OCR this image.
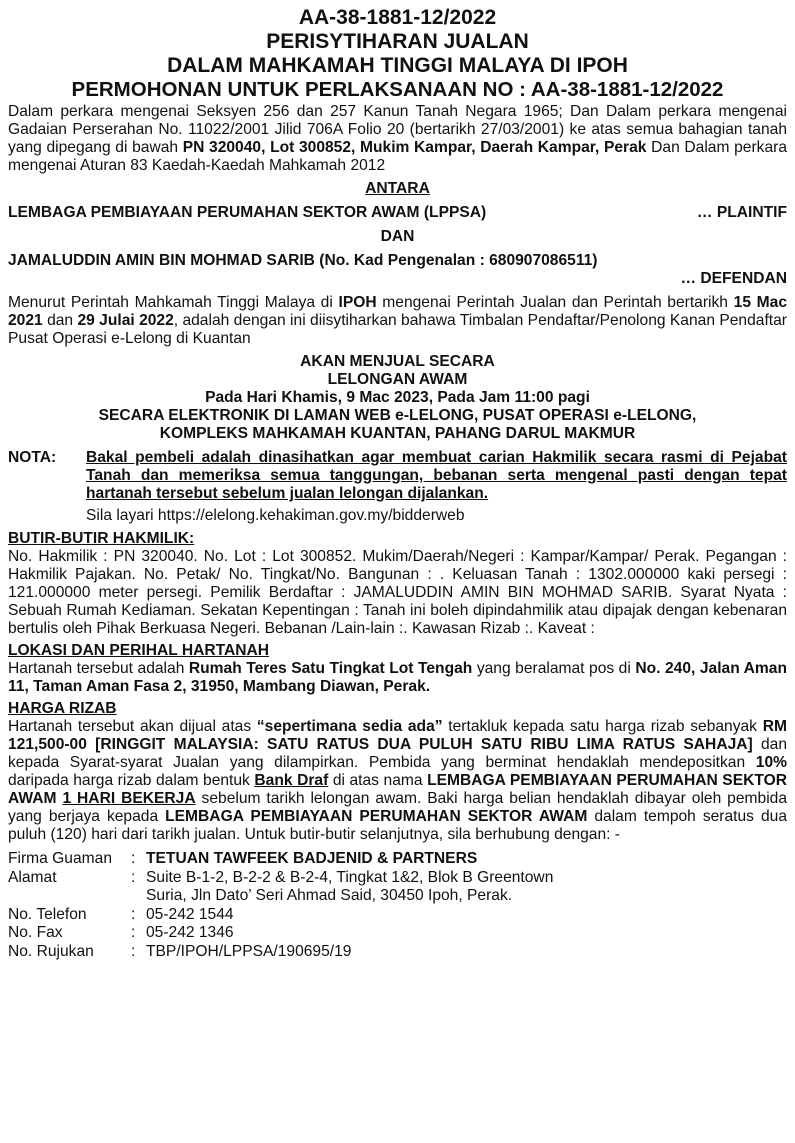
AA-38-1881-12/2022
PERISYTIHARAN JUALAN
DALAM MAHKAMAH TINGGI MALAYA DI IPOH
PERMOHONAN UNTUK PERLAKSANAAN NO : AA-38-1881-12/2022

Dalam perkara mengenai Seksyen 256 dan 257 Kanun Tanah Negara 1965; Dan Dalam perkara mengenai Gadaian Perserahan No. 11022/2001 Jilid 706A Folio 20 (bertarikh 27/03/2001) ke atas semua bahagian tanah yang dipegang di bawah PN 320040, Lot 300852, Mukim Kampar, Daerah Kampar, Perak Dan Dalam perkara mengenai Aturan 83 Kaedah-Kaedah Mahkamah 2012

ANTARA
LEMBAGA PEMBIAYAAN PERUMAHAN SEKTOR AWAM (LPPSA)	… PLAINTIF
DAN
JAMALUDDIN AMIN BIN MOHMAD SARIB (No. Kad Pengenalan : 680907086511)
… DEFENDAN

Menurut Perintah Mahkamah Tinggi Malaya di IPOH mengenai Perintah Jualan dan Perintah bertarikh 15 Mac 2021 dan 29 Julai 2022, adalah dengan ini diisytiharkan bahawa Timbalan Pendaftar/Penolong Kanan Pendaftar Pusat Operasi e-Lelong di Kuantan

AKAN MENJUAL SECARA
LELONGAN AWAM
Pada Hari Khamis, 9 Mac 2023, Pada Jam 11:00 pagi
SECARA ELEKTRONIK DI LAMAN WEB e-LELONG, PUSAT OPERASI e-LELONG,
KOMPLEKS MAHKAMAH KUANTAN, PAHANG DARUL MAKMUR
NOTA:	Bakal pembeli adalah dinasihatkan agar membuat carian Hakmilik secara rasmi di Pejabat Tanah dan memeriksa semua tanggungan, bebanan serta mengenal pasti dengan tepat hartanah tersebut sebelum jualan lelongan dijalankan.
Sila layari https://elelong.kehakiman.gov.my/bidderweb
BUTIR-BUTIR HAKMILIK:

No. Hakmilik : PN 320040. No. Lot : Lot 300852. Mukim/Daerah/Negeri : Kampar/Kampar/ Perak. Pegangan : Hakmilik Pajakan. No. Petak/ No. Tingkat/No. Bangunan : . Keluasan Tanah : 1302.000000 kaki persegi : 121.000000 meter persegi. Pemilik Berdaftar : JAMALUDDIN AMIN BIN MOHMAD SARIB. Syarat Nyata : Sebuah Rumah Kediaman. Sekatan Kepentingan : Tanah ini boleh dipindahmilik atau dipajak dengan kebenaran bertulis oleh Pihak Berkuasa Negeri. Bebanan /Lain-lain :. Kawasan Rizab :. Kaveat :

LOKASI DAN PERIHAL HARTANAH

Hartanah tersebut adalah Rumah Teres Satu Tingkat Lot Tengah yang beralamat pos di No. 240, Jalan Aman 11, Taman Aman Fasa 2, 31950, Mambang Diawan, Perak.

HARGA RIZAB

Hartanah tersebut akan dijual atas “sepertimana sedia ada” tertakluk kepada satu harga rizab sebanyak RM 121,500-00 [RINGGIT MALAYSIA: SATU RATUS DUA PULUH SATU RIBU LIMA RATUS SAHAJA] dan kepada Syarat-syarat Jualan yang dilampirkan. Pembida yang berminat hendaklah mendepositkan 10% daripada harga rizab dalam bentuk Bank Draf di atas nama LEMBAGA PEMBIAYAAN PERUMAHAN SEKTOR AWAM 1 HARI BEKERJA sebelum tarikh lelongan awam. Baki harga belian hendaklah dibayar oleh pembida yang berjaya kepada LEMBAGA PEMBIAYAAN PERUMAHAN SEKTOR AWAM dalam tempoh seratus dua puluh (120) hari dari tarikh jualan. Untuk butir-butir selanjutnya, sila berhubung dengan: -

Firma Guaman	:	TETUAN TAWFEEK BADJENID & PARTNERS
Alamat	:	Suite B-1-2, B-2-2 & B-2-4, Tingkat 1&2, Blok B Greentown
		Suria, Jln Dato’ Seri Ahmad Said, 30450 Ipoh, Perak.
No. Telefon	:	05-242 1544
No. Fax	:	05-242 1346
No. Rujukan	:	TBP/IPOH/LPPSA/190695/19
